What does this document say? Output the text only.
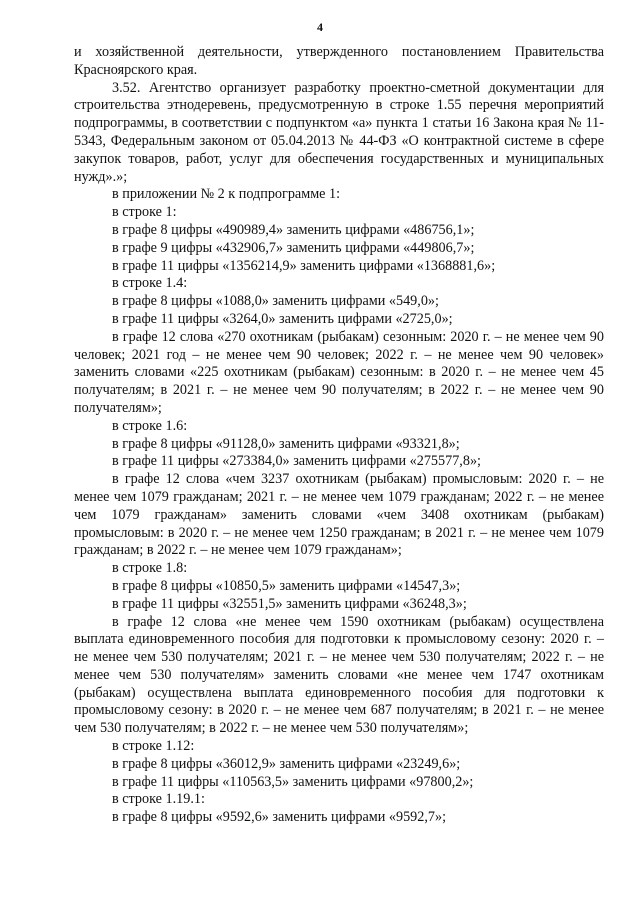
4

и хозяйственной деятельности, утвержденного постановлением Правительства Красноярского края.

3.52. Агентство организует разработку проектно-сметной документации для строительства этнодеревень, предусмотренную в строке 1.55 перечня мероприятий подпрограммы, в соответствии с подпунктом «а» пункта 1 статьи 16 Закона края № 11-5343, Федеральным законом от 05.04.2013 № 44-ФЗ «О контрактной системе в сфере закупок товаров, работ, услуг для обеспечения государственных и муниципальных нужд».»;

в приложении № 2 к подпрограмме 1:

в строке 1:

в графе 8 цифры «490989,4» заменить цифрами «486756,1»;

в графе 9 цифры «432906,7» заменить цифрами «449806,7»;

в графе 11 цифры «1356214,9» заменить цифрами «1368881,6»;

в строке 1.4:

в графе 8 цифры «1088,0» заменить цифрами «549,0»;

в графе 11 цифры «3264,0» заменить цифрами «2725,0»;

в графе 12 слова «270 охотникам (рыбакам) сезонным: 2020 г. – не менее чем 90 человек; 2021 год – не менее чем 90 человек; 2022 г. – не менее чем 90 человек» заменить словами «225 охотникам (рыбакам) сезонным: в 2020 г. – не менее чем 45 получателям; в 2021 г. – не менее чем 90 получателям; в 2022 г. – не менее чем 90 получателям»;

в строке 1.6:

в графе 8 цифры «91128,0» заменить цифрами «93321,8»;

в графе 11 цифры «273384,0» заменить цифрами «275577,8»;

в графе 12 слова «чем 3237 охотникам (рыбакам) промысловым: 2020 г. – не менее чем 1079 гражданам; 2021 г. – не менее чем 1079 гражданам; 2022 г. – не менее чем 1079 гражданам» заменить словами «чем 3408 охотникам (рыбакам) промысловым: в 2020 г. – не менее чем 1250 гражданам; в 2021 г. – не менее чем 1079 гражданам; в 2022 г. – не менее чем 1079 гражданам»;

в строке 1.8:

в графе 8 цифры «10850,5» заменить цифрами «14547,3»;

в графе 11 цифры «32551,5» заменить цифрами «36248,3»;

в графе 12 слова «не менее чем 1590 охотникам (рыбакам) осуществлена выплата единовременного пособия для подготовки к промысловому сезону: 2020 г. – не менее чем 530 получателям; 2021 г. – не менее чем 530 получателям; 2022 г. – не менее чем 530 получателям» заменить словами «не менее чем 1747 охотникам (рыбакам) осуществлена выплата единовременного пособия для подготовки к промысловому сезону: в 2020 г. – не менее чем 687 получателям; в 2021 г. – не менее чем 530 получателям; в 2022 г. – не менее чем 530 получателям»;

в строке 1.12:

в графе 8 цифры «36012,9» заменить цифрами «23249,6»;

в графе 11 цифры «110563,5» заменить цифрами «97800,2»;

в строке 1.19.1:

в графе 8 цифры «9592,6» заменить цифрами «9592,7»;
